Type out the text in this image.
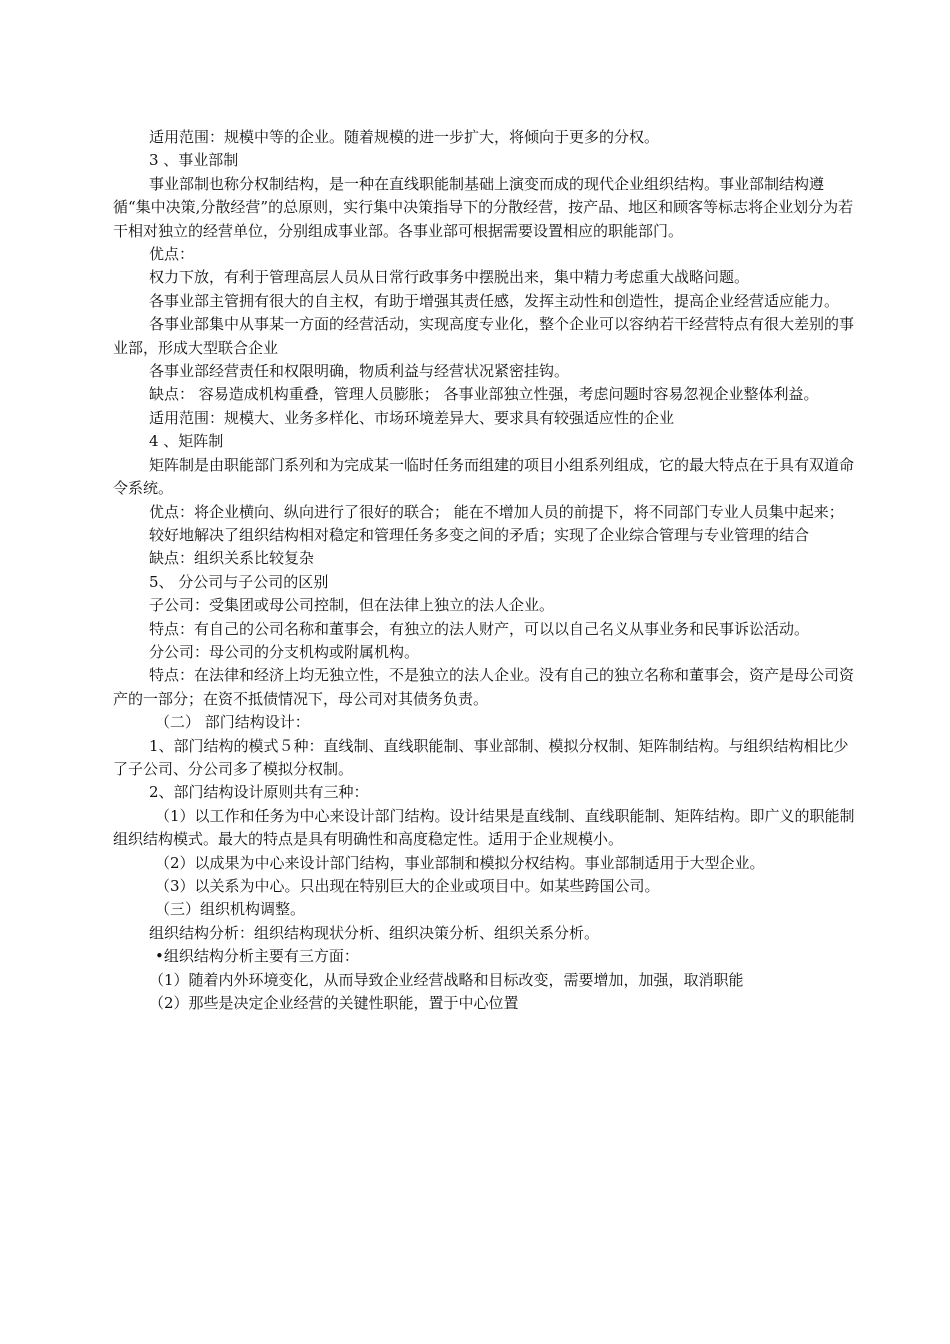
适用范围：规模中等的企业。随着规模的进一步扩大，将倾向于更多的分权。

3 、事业部制

事业部制也称分权制结构，是一种在直线职能制基础上演变而成的现代企业组织结构。事业部制结构遵循“集中决策,分散经营”的总原则，实行集中决策指导下的分散经营，按产品、地区和顾客等标志将企业划分为若干相对独立的经营单位，分别组成事业部。各事业部可根据需要设置相应的职能部门。

优点：

权力下放，有利于管理高层人员从日常行政事务中摆脱出来，集中精力考虑重大战略问题。

各事业部主管拥有很大的自主权，有助于增强其责任感，发挥主动性和创造性，提高企业经营适应能力。

各事业部集中从事某一方面的经营活动，实现高度专业化，整个企业可以容纳若干经营特点有很大差别的事业部，形成大型联合企业

各事业部经营责任和权限明确，物质利益与经营状况紧密挂钩。

缺点： 容易造成机构重叠，管理人员膨胀； 各事业部独立性强，考虑问题时容易忽视企业整体利益。

适用范围：规模大、业务多样化、市场环境差异大、要求具有较强适应性的企业

4 、矩阵制

矩阵制是由职能部门系列和为完成某一临时任务而组建的项目小组系列组成，它的最大特点在于具有双道命令系统。

优点：将企业横向、纵向进行了很好的联合； 能在不增加人员的前提下，将不同部门专业人员集中起来；

较好地解决了组织结构相对稳定和管理任务多变之间的矛盾；实现了企业综合管理与专业管理的结合

缺点：组织关系比较复杂

5、 分公司与子公司的区别

子公司：受集团或母公司控制，但在法律上独立的法人企业。

特点：有自己的公司名称和董事会，有独立的法人财产，可以以自己名义从事业务和民事诉讼活动。

分公司：母公司的分支机构或附属机构。

特点：在法律和经济上均无独立性，不是独立的法人企业。没有自己的独立名称和董事会，资产是母公司资产的一部分；在资不抵债情况下，母公司对其债务负责。

（二） 部门结构设计：

1、部门结构的模式５种：直线制、直线职能制、事业部制、模拟分权制、矩阵制结构。与组织结构相比少了子公司、分公司多了模拟分权制。

2、部门结构设计原则共有三种：

（1）以工作和任务为中心来设计部门结构。设计结果是直线制、直线职能制、矩阵结构。即广义的职能制组织结构模式。最大的特点是具有明确性和高度稳定性。适用于企业规模小。

（2）以成果为中心来设计部门结构，事业部制和模拟分权结构。事业部制适用于大型企业。

（3）以关系为中心。只出现在特别巨大的企业或项目中。如某些跨国公司。

（三）组织机构调整。

组织结构分析：组织结构现状分析、组织决策分析、组织关系分析。

•组织结构分析主要有三方面：

（1）随着内外环境变化，从而导致企业经营战略和目标改变，需要增加，加强，取消职能

（2）那些是决定企业经营的关键性职能，置于中心位置
